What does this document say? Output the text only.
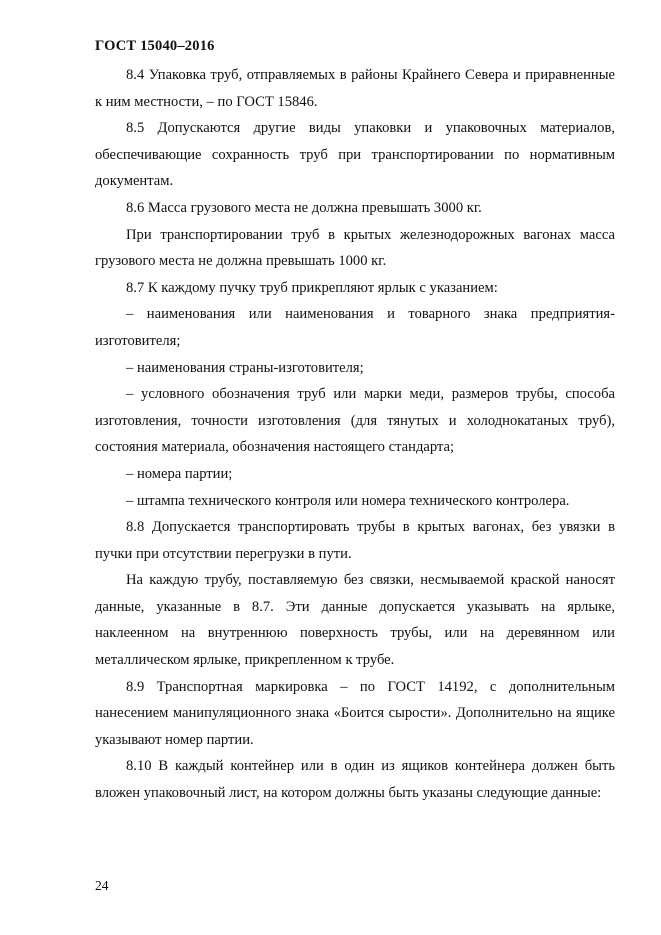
ГОСТ 15040–2016

8.4 Упаковка труб, отправляемых в районы Крайнего Севера и приравненные к ним местности, – по ГОСТ 15846.

8.5 Допускаются другие виды упаковки и упаковочных материалов, обеспечивающие сохранность труб при транспортировании по нормативным документам.

8.6 Масса грузового места не должна превышать 3000 кг.

При транспортировании труб в крытых железнодорожных вагонах масса грузового места не должна превышать 1000 кг.

8.7 К каждому пучку труб прикрепляют ярлык с указанием:

– наименования или наименования и товарного знака предприятия-изготовителя;

– наименования страны-изготовителя;

– условного обозначения труб или марки меди, размеров трубы, способа изготовления, точности изготовления (для тянутых и холоднокатаных труб), состояния материала, обозначения настоящего стандарта;

– номера партии;

– штампа технического контроля или номера технического контролера.

8.8 Допускается транспортировать трубы в крытых вагонах, без увязки в пучки при отсутствии перегрузки в пути.

На каждую трубу, поставляемую без связки, несмываемой краской наносят данные, указанные в 8.7. Эти данные допускается указывать на ярлыке, наклеенном на внутреннюю поверхность трубы, или на деревянном или металлическом ярлыке, прикрепленном к трубе.

8.9 Транспортная маркировка – по ГОСТ 14192, с дополнительным нанесением манипуляционного знака «Боится сырости». Дополнительно на ящике указывают номер партии.

8.10 В каждый контейнер или в один из ящиков контейнера должен быть вложен упаковочный лист, на котором должны быть указаны следующие данные:

24
